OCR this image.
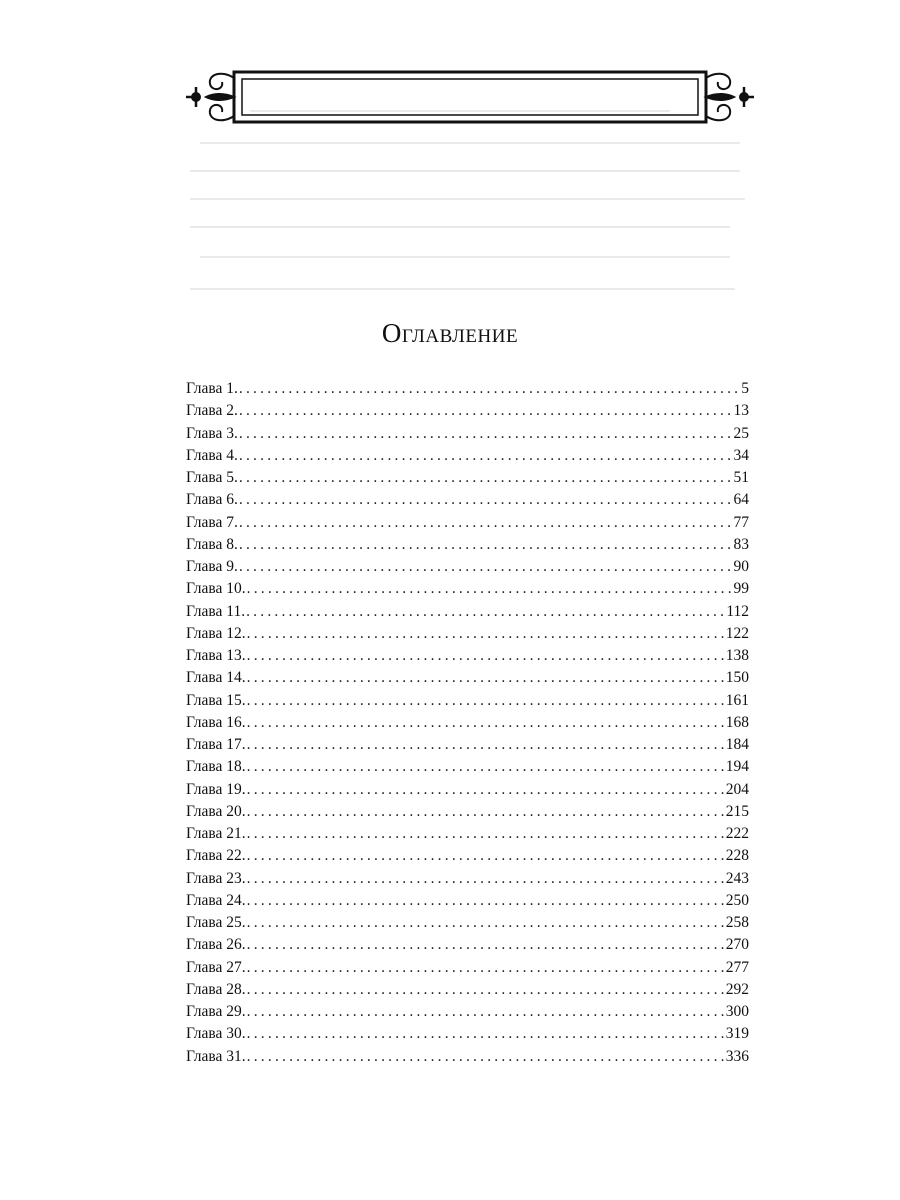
Оглавление
Глава 1. .....	5
Глава 2. .....	13
Глава 3. .....	25
Глава 4. .....	34
Глава 5. .....	51
Глава 6. .....	64
Глава 7. .....	77
Глава 8. .....	83
Глава 9. .....	90
Глава 10. .....	99
Глава 11. .....	112
Глава 12. .....	122
Глава 13. .....	138
Глава 14. .....	150
Глава 15. .....	161
Глава 16. .....	168
Глава 17. .....	184
Глава 18. .....	194
Глава 19. .....	204
Глава 20. .....	215
Глава 21. .....	222
Глава 22. .....	228
Глава 23. .....	243
Глава 24. .....	250
Глава 25. .....	258
Глава 26. .....	270
Глава 27. .....	277
Глава 28. .....	292
Глава 29. .....	300
Глава 30. .....	319
Глава 31. .....	336
